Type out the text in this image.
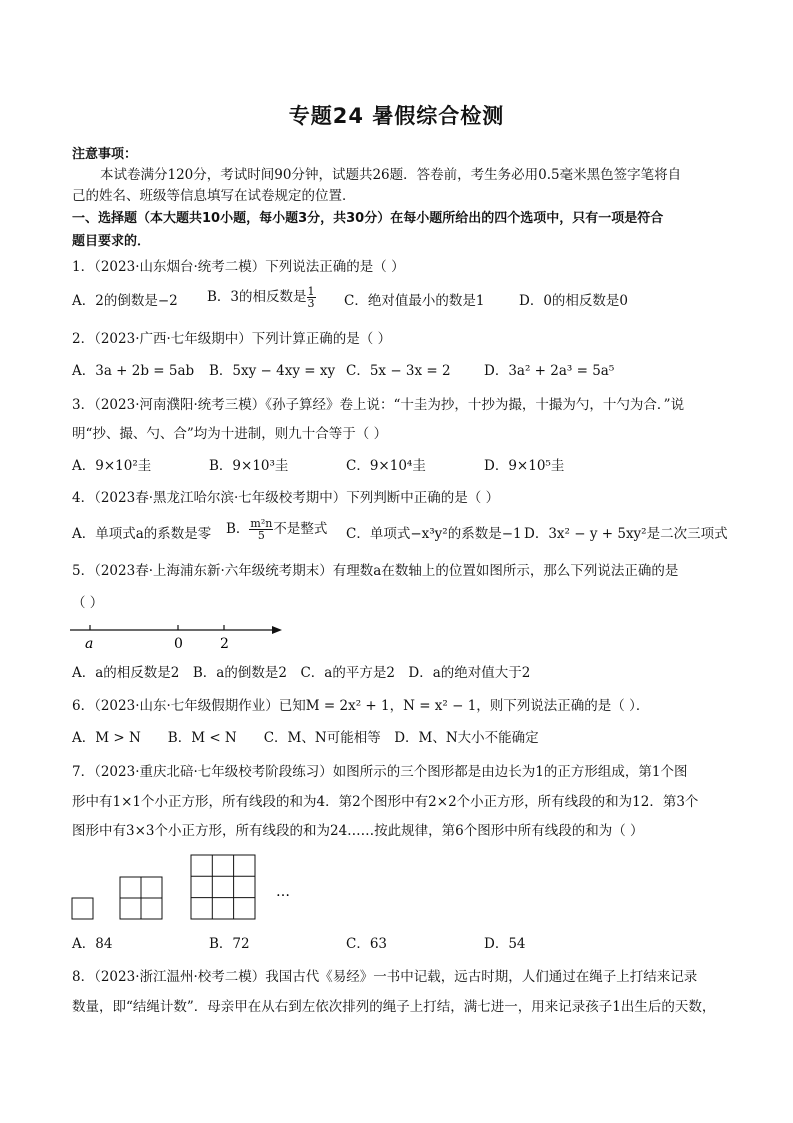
专题24 暑假综合检测
注意事项：
本试卷满分120分，考试时间90分钟，试题共26题．答卷前，考生务必用0.5毫米黑色签字笔将自
己的姓名、班级等信息填写在试卷规定的位置．
一、选择题（本大题共10小题，每小题3分，共30分）在每小题所给出的四个选项中，只有一项是符合
题目要求的．
1．（2023·山东烟台·统考二模）下列说法正确的是（ ）
A．2的倒数是−2 B．3的相反数是 $\frac{1}{3}$ C．绝对值最小的数是1	D．0的相反数是0
2．（2023·广西·七年级期中）下列计算正确的是（ ）
A．3a + 2b = 5ab B．5xy − 4xy = xy C．5x − 3x = 2 D．3a² + 2a³ = 5a⁵
3．（2023·河南濮阳·统考三模）《孙子算经》卷上说：“十圭为抄，十抄为撮，十撮为勺，十勺为合．”说
明“抄、撮、勺、合”均为十进制，则九十合等于（ ）
A．9×10²圭	B．9×10³圭	C．9×10⁴圭	D．9×10⁵圭
4．（2023春·黑龙江哈尔滨·七年级校考期中）下列判断中正确的是（ ）
A．单项式a的系数是零 B． $\frac{\text{m²n}}{5}$ 不是整式 C．单项式−x³y²的系数是−1 D．3x² − y + 5xy²是二次三项式
5．（2023春·上海浦东新·六年级统考期末）有理数a在数轴上的位置如图所示，那么下列说法正确的是
（ ）
a	0	2
A．a的相反数是2　B．a的倒数是2　C．a的平方是2　D．a的绝对值大于2
6．（2023·山东·七年级假期作业）已知M = 2x² + 1，N = x² − 1，则下列说法正确的是（ ）．
A．M > N　　B．M < N　　C．M、N可能相等　D．M、N大小不能确定
7．（2023·重庆北碚·七年级校考阶段练习）如图所示的三个图形都是由边长为1的正方形组成，第1个图
形中有1×1个小正方形，所有线段的和为4．第2个图形中有2×2个小正方形，所有线段的和为12．第3个
图形中有3×3个小正方形，所有线段的和为24……按此规律，第6个图形中所有线段的和为（ ）
…
A．84	B．72	C．63	D．54
8．（2023·浙江温州·校考二模）我国古代《易经》一书中记载，远古时期，人们通过在绳子上打结来记录
数量，即“结绳计数”．母亲甲在从右到左依次排列的绳子上打结，满七进一，用来记录孩子1出生后的天数，
